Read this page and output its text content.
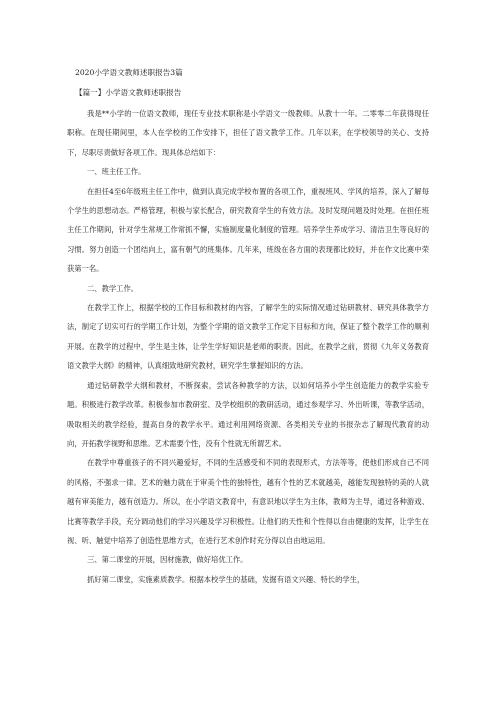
2020小学语文教师述职报告3篇
【篇一】小学语文教师述职报告

我是**小学的一位语文教师，现任专业技术职称是小学语文一级教师。从教十一年。二零零二年获得现任职称。在现任期间里，本人在学校的工作安排下，担任了语文教学工作。几年以来，在学校领导的关心、支持下，尽职尽责做好各项工作。现具体总结如下：

一、班主任工作。

在担任4至6年级班主任工作中，做到认真完成学校布置的各项工作，重视班风、学风的培养，深入了解每个学生的思想动态。严格管理，积极与家长配合，研究教育学生的有效方法。及时发现问题及时处理。在担任班主任工作期间，针对学生常规工作常抓不懈，实施制度量化制度的管理。培养学生养成学习、清洁卫生等良好的习惯。努力创造一个团结向上，富有朝气的班集体。几年来，班级在各方面的表现都比较好，并在作文比赛中荣获第一名。

二、教学工作。

在教学工作上，根据学校的工作目标和教材的内容，了解学生的实际情况通过钻研教材、研究具体教学方法，制定了切实可行的学期工作计划，为整个学期的语文教学工作定下目标和方向，保证了整个教学工作的顺利开展。在教学的过程中，学生是主体，让学生学好知识是老师的职责。因此，在教学之前，贯彻《九年义务教育语文教学大纲》的精神，认真细致地研究教材，研究学生掌握知识的方法。

通过钻研教学大纲和教材，不断探索，尝试各种教学的方法，以如何培养小学生创造能力的教学实验专题。积极进行教学改革。积极参加市教研室、及学校组织的教研活动，通过参观学习、外出听课，等教学活动，吸取相关的教学经验，提高自身的教学水平。通过利用网络资源、各类相关专业的书报杂志了解现代教育的动向，开拓教学视野和思维。艺术需要个性，没有个性就无所谓艺术。

在教学中尊重孩子的不同兴趣爱好，不同的生活感受和不同的表现形式，方法等等，使他们形成自己不同的风格，不强求一律。艺术的魅力就在于审美个性的独特性，越有个性的艺术就越美，越能发现独特的美的人就越有审美能力，越有创造力。所以，在小学语文教育中，有意识地以学生为主体，教师为主导，通过各种游戏、比赛等教学手段，充分调动他们的学习兴趣及学习积极性。让他们的天性和个性得以自由健康的发挥，让学生在视、听、触觉中培养了创造性思维方式，在进行艺术创作时充分得以自由地运用。

三、第二课堂的开展，因材施教，做好培优工作。

抓好第二课堂，实施素质教学。根据本校学生的基础，发掘有语文兴趣、特长的学生，
